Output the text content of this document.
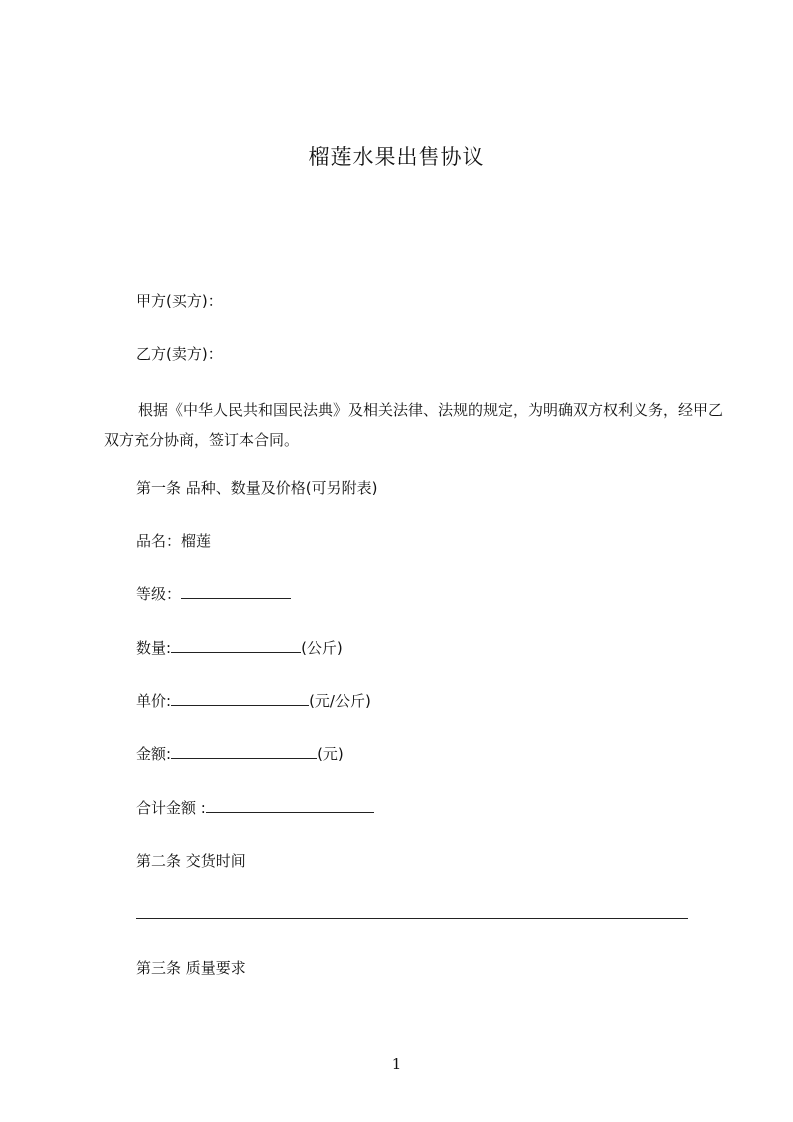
榴莲水果出售协议
甲方(买方)：
乙方(卖方)：
根据《中华人民共和国民法典》及相关法律、法规的规定，为明确双方权利义务，经甲乙双方充分协商，签订本合同。
第一条 品种、数量及价格(可另附表)
品名：榴莲
等级：
数量:	(公斤)
单价:	(元/公斤)
金额:	(元)
合计金额 :
第二条 交货时间
第三条 质量要求
1
